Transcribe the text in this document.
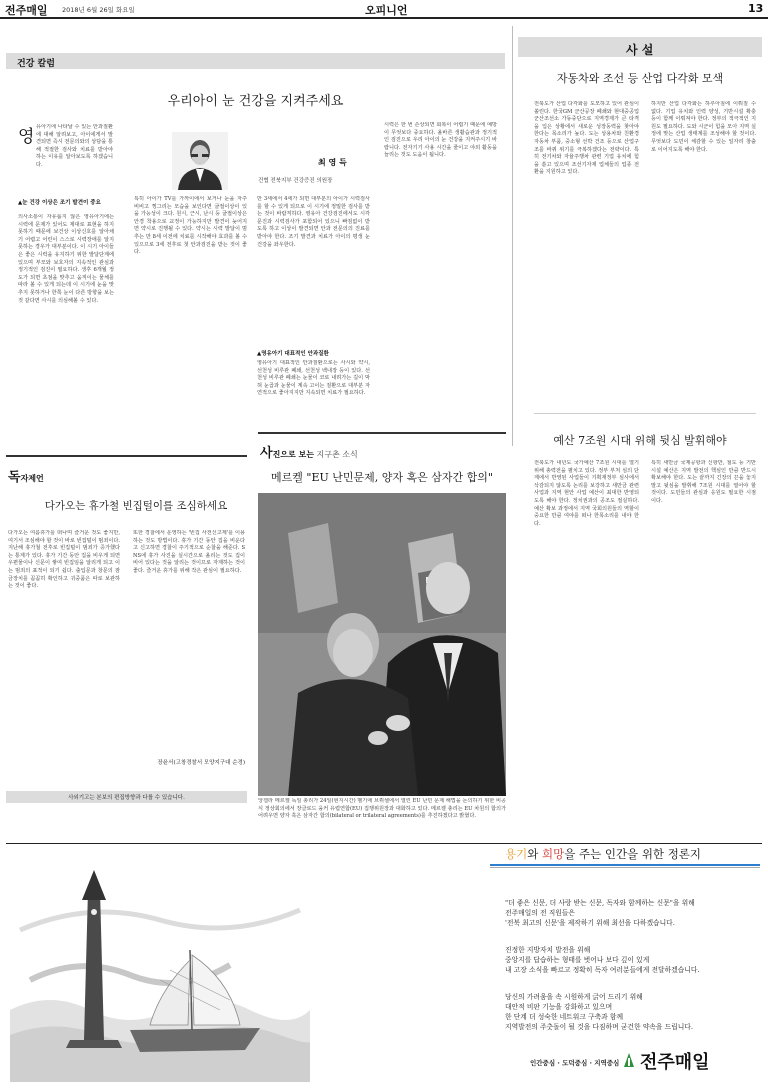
전주매일 2018년 6월 26일 화요일	오피니언	13
건강 칼럼
우리아이 눈 건강을 지켜주세요
영 유아기에 나타날 수 있는 안과질환에 대해 알려보고, 아이에게서 발견되면 즉시 전문의와의 상담을 통해 적절한 검사와 치료를 받아야 하는 이유를 알아보도록 하겠습니다.	최 영 득
건협 전북지부 건강증진 의원장
▲눈 건강 이상은 조기 발견이 중요
의사소통이 자유롭지 않은 영유아기에는 시력에 문제가 있어도 제대로 표현을 하지 못하기 때문에 보건상 이상신호를 알아채기 어렵고 어린이 스스로 시력장애를 알지 못하는 경우가 대부분이다. 이 시기 아이들은 좋은 시력을 유지하기 위한 발달단계에 있으며 부모와 보호자의 지속적인 관심과 정기적인 검진이 필요하다. 생후 6개월 정도가 되면 초점을 맞추고 움직이는 물체를 따라 볼 수 있게 되는데 이 시기에 눈을 맞추지 못하거나 한쪽 눈이 다른 방향을 보는 것 같다면 사시를 의심해볼 수 있다.
특히 아이가 TV를 가까이에서 보거나 눈을 자주 비비고 찡그리는 모습을 보인다면 굴절이상이 있을 가능성이 크다. 원시, 근시, 난시 등 굴절이상은 안경 착용으로 교정이 가능하지만 발견이 늦어지면 약시로 진행될 수 있다. 약시는 시력 발달이 멈추는 만 8세 이전에 치료를 시작해야 효과를 볼 수 있으므로 3세 전후로 첫 안과검진을 받는 것이 좋다.
만 3세에서 4세가 되면 대부분의 아이가 시력검사를 할 수 있게 되므로 이 시기에 정밀한 검사를 받는 것이 바람직하다. 영유아 건강검진에서도 시각 문진과 시력검사가 포함되어 있으니 빠짐없이 받도록 하고 이상이 발견되면 안과 전문의의 진료를 받아야 한다. 조기 발견과 치료가 아이의 평생 눈 건강을 좌우한다.
▲영유아기 대표적인 안과질환
영유아기 대표적인 안과질환으로는 사시와 약시, 선천성 비루관 폐쇄, 선천성 백내장 등이 있다. 선천성 비루관 폐쇄는 눈물이 코로 내려가는 길이 막혀 눈곱과 눈물이 계속 고이는 질환으로 대부분 자연적으로 좋아지지만 지속되면 치료가 필요하다.
시력은 한 번 손상되면 회복이 어렵기 때문에 예방이 무엇보다 중요하다. 올바른 생활습관과 정기적인 검진으로 우리 아이의 눈 건강을 지켜주시기 바랍니다. 전자기기 사용 시간을 줄이고 야외 활동을 늘리는 것도 도움이 됩니다.
사 설
자동차와 조선 등 산업 다각화 모색
전북도가 산업 다각화를 도모하고 있어 관심이 쏠린다. 한국GM 군산공장 폐쇄와 현대중공업 군산조선소 가동중단으로 지역경제가 큰 타격을 입은 상황에서 새로운 성장동력을 찾아야 한다는 목소리가 높다. 도는 상용차와 친환경 자동차 부품, 중소형 선박 건조 등으로 산업구조를 바꿔 위기를 극복하겠다는 전략이다. 특히 전기차와 자율주행차 관련 기업 유치에 힘을 쏟고 있으며 조선기자재 업체들의 업종 전환을 지원하고 있다.
하지만 산업 다각화는 하루아침에 이뤄질 수 없다. 기업 유치와 인력 양성, 기반시설 확충 등이 함께 이뤄져야 한다. 정부의 적극적인 지원도 필요하다. 도와 시군이 힘을 모아 지역 실정에 맞는 산업 생태계를 조성해야 할 것이다. 무엇보다 도민이 체감할 수 있는 일자리 창출로 이어지도록 해야 한다.
예산 7조원 시대 위해 뒷심 발휘해야
전북도가 내년도 국가예산 7조원 시대를 열기 위해 총력전을 펼치고 있다. 정부 부처 심의 단계에서 반영된 사업들이 기획재정부 심사에서 삭감되지 않도록 논리를 보강하고 새만금 관련 사업과 지역 현안 사업 예산이 최대한 반영되도록 해야 한다. 정치권과의 공조도 절실하다. 예산 확보 과정에서 지역 국회의원들의 역할이 중요한 만큼 여야를 떠나 한목소리를 내야 한다.
특히 새만금 국제공항과 신항만, 철도 등 기반시설 예산은 지역 발전의 핵심인 만큼 반드시 확보해야 한다. 도는 끝까지 긴장의 끈을 놓지 말고 뒷심을 발휘해 7조원 시대를 열어야 할 것이다. 도민들의 관심과 응원도 필요한 시점이다.
독자제언
다가오는 휴가철 빈집털이를 조심하세요
다가오는 여름휴가를 떠나며 즐거운 것도 좋지만, 여기서 조심해야 할 것이 바로 빈집털이 범죄이다. 지난해 휴가철 전후로 빈집털이 범죄가 증가했다는 통계가 있다. 휴가 기간 동안 집을 비우게 되면 우편물이나 신문이 쌓여 빈집임을 알리게 되고 이는 범죄의 표적이 되기 쉽다. 출입문과 창문의 잠금장치를 꼼꼼히 확인하고 귀중품은 따로 보관하는 것이 좋다.
또한 경찰에서 운영하는 '빈집 사전신고제'를 이용하는 것도 방법이다. 휴가 기간 동안 집을 비운다고 신고하면 경찰이 주기적으로 순찰을 해준다. SNS에 휴가 사진을 실시간으로 올리는 것도 집이 비어 있다는 것을 알리는 것이므로 자제하는 것이 좋다. 즐거운 휴가를 위해 작은 관심이 필요하다.
장윤서(고창경찰서 모양지구대 순경)
사외기고는 본보의 편집방향과 다를 수 있습니다.
사진으로 보는 지구촌 소식
메르켈 "EU 난민문제, 양자 혹은 삼자간 합의"
앙겔라 메르켈 독일 총리가 24일(현지시간) 벨기에 브뤼셀에서 열린 EU 난민 문제 해법을 논의하기 위한 비공식 정상회의에서 장클로드 융커 유럽연합(EU) 집행위원장과 대화하고 있다. 메르켈 총리는 EU 차원의 합의가 어려우면 양자 혹은 삼자간 합의(bilateral or trilateral agreements)를 추진하겠다고 밝혔다.
용기와 희망을 주는 인간을 위한 정론지
"더 좋은 신문, 더 사랑 받는 신문, 독자와 함께하는 신문"을 위해
전주매일의 전 직원들은
'전북 최고의 신문'을 제작하기 위해 최선을 다하겠습니다.
진정한 지방자치 발전을 위해
중앙지를 답습하는 형태를 벗어나 보다 깊이 있게
내 고장 소식을 빠르고 정확히 독자 여러분들에게 전달하겠습니다.
당신의 가려움을 속 시원하게 긁어 드리기 위해
대안적 비판 기능을 강화하고 있으며
한 단계 더 성숙한 네트워크 구축과 함께
지역발전의 주춧돌이 될 것을 다짐하며 굳건한 약속을 드립니다.
인간중심 · 도덕중심 · 지역중심 전주매일
